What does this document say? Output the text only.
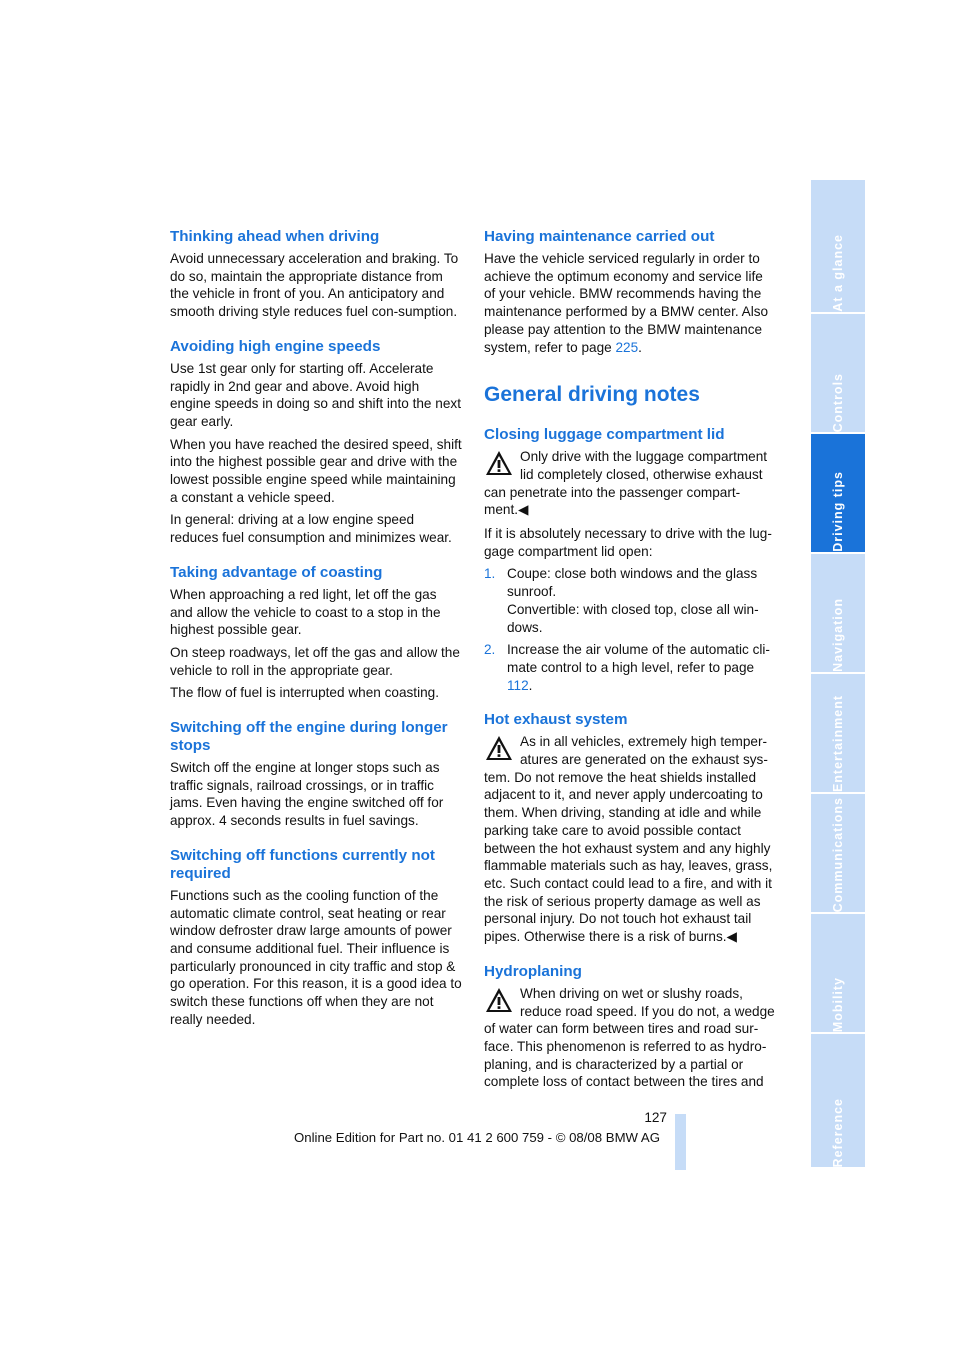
Thinking ahead when driving

Avoid unnecessary acceleration and braking. To do so, maintain the appropriate distance from the vehicle in front of you. An anticipatory and smooth driving style reduces fuel con-sumption.

Avoiding high engine speeds

Use 1st gear only for starting off. Accelerate rapidly in 2nd gear and above. Avoid high engine speeds in doing so and shift into the next gear early.

When you have reached the desired speed, shift into the highest possible gear and drive with the lowest possible engine speed while maintaining a constant a vehicle speed.

In general: driving at a low engine speed reduces fuel consumption and minimizes wear.

Taking advantage of coasting

When approaching a red light, let off the gas and allow the vehicle to coast to a stop in the highest possible gear.

On steep roadways, let off the gas and allow the vehicle to roll in the appropriate gear.

The flow of fuel is interrupted when coasting.

Switching off the engine during longer stops

Switch off the engine at longer stops such as traffic signals, railroad crossings, or in traffic jams. Even having the engine switched off for approx. 4 seconds results in fuel savings.

Switching off functions currently not required

Functions such as the cooling function of the automatic climate control, seat heating or rear window defroster draw large amounts of power and consume additional fuel. Their influence is particularly pronounced in city traffic and stop & go operation. For this reason, it is a good idea to switch these functions off when they are not really needed.

Having maintenance carried out

Have the vehicle serviced regularly in order to achieve the optimum economy and service life of your vehicle. BMW recommends having the maintenance performed by a BMW center. Also please pay attention to the BMW maintenance system, refer to page 225.

General driving notes
Closing luggage compartment lid

Only drive with the luggage compartment lid completely closed, otherwise exhaust can penetrate into the passenger compart-ment.◀

If it is absolutely necessary to drive with the lug-gage compartment lid open:

1. Coupe: close both windows and the glass sunroof.
Convertible: with closed top, close all win-dows.
2. Increase the air volume of the automatic cli-mate control to a high level, refer to page 112.
Hot exhaust system

As in all vehicles, extremely high temper-atures are generated on the exhaust sys-tem. Do not remove the heat shields installed adjacent to it, and never apply undercoating to them. When driving, standing at idle and while parking take care to avoid possible contact between the hot exhaust system and any highly flammable materials such as hay, leaves, grass, etc. Such contact could lead to a fire, and with it the risk of serious property damage as well as personal injury. Do not touch hot exhaust tail pipes. Otherwise there is a risk of burns.◀

Hydroplaning

When driving on wet or slushy roads, reduce road speed. If you do not, a wedge of water can form between tires and road sur-face. This phenomenon is referred to as hydro-planing, and is characterized by a partial or complete loss of contact between the tires and

127
Online Edition for Part no. 01 41 2 600 759 - © 08/08 BMW AG
At a glance
Controls
Driving tips
Navigation
Entertainment
Communications
Mobility
Reference
